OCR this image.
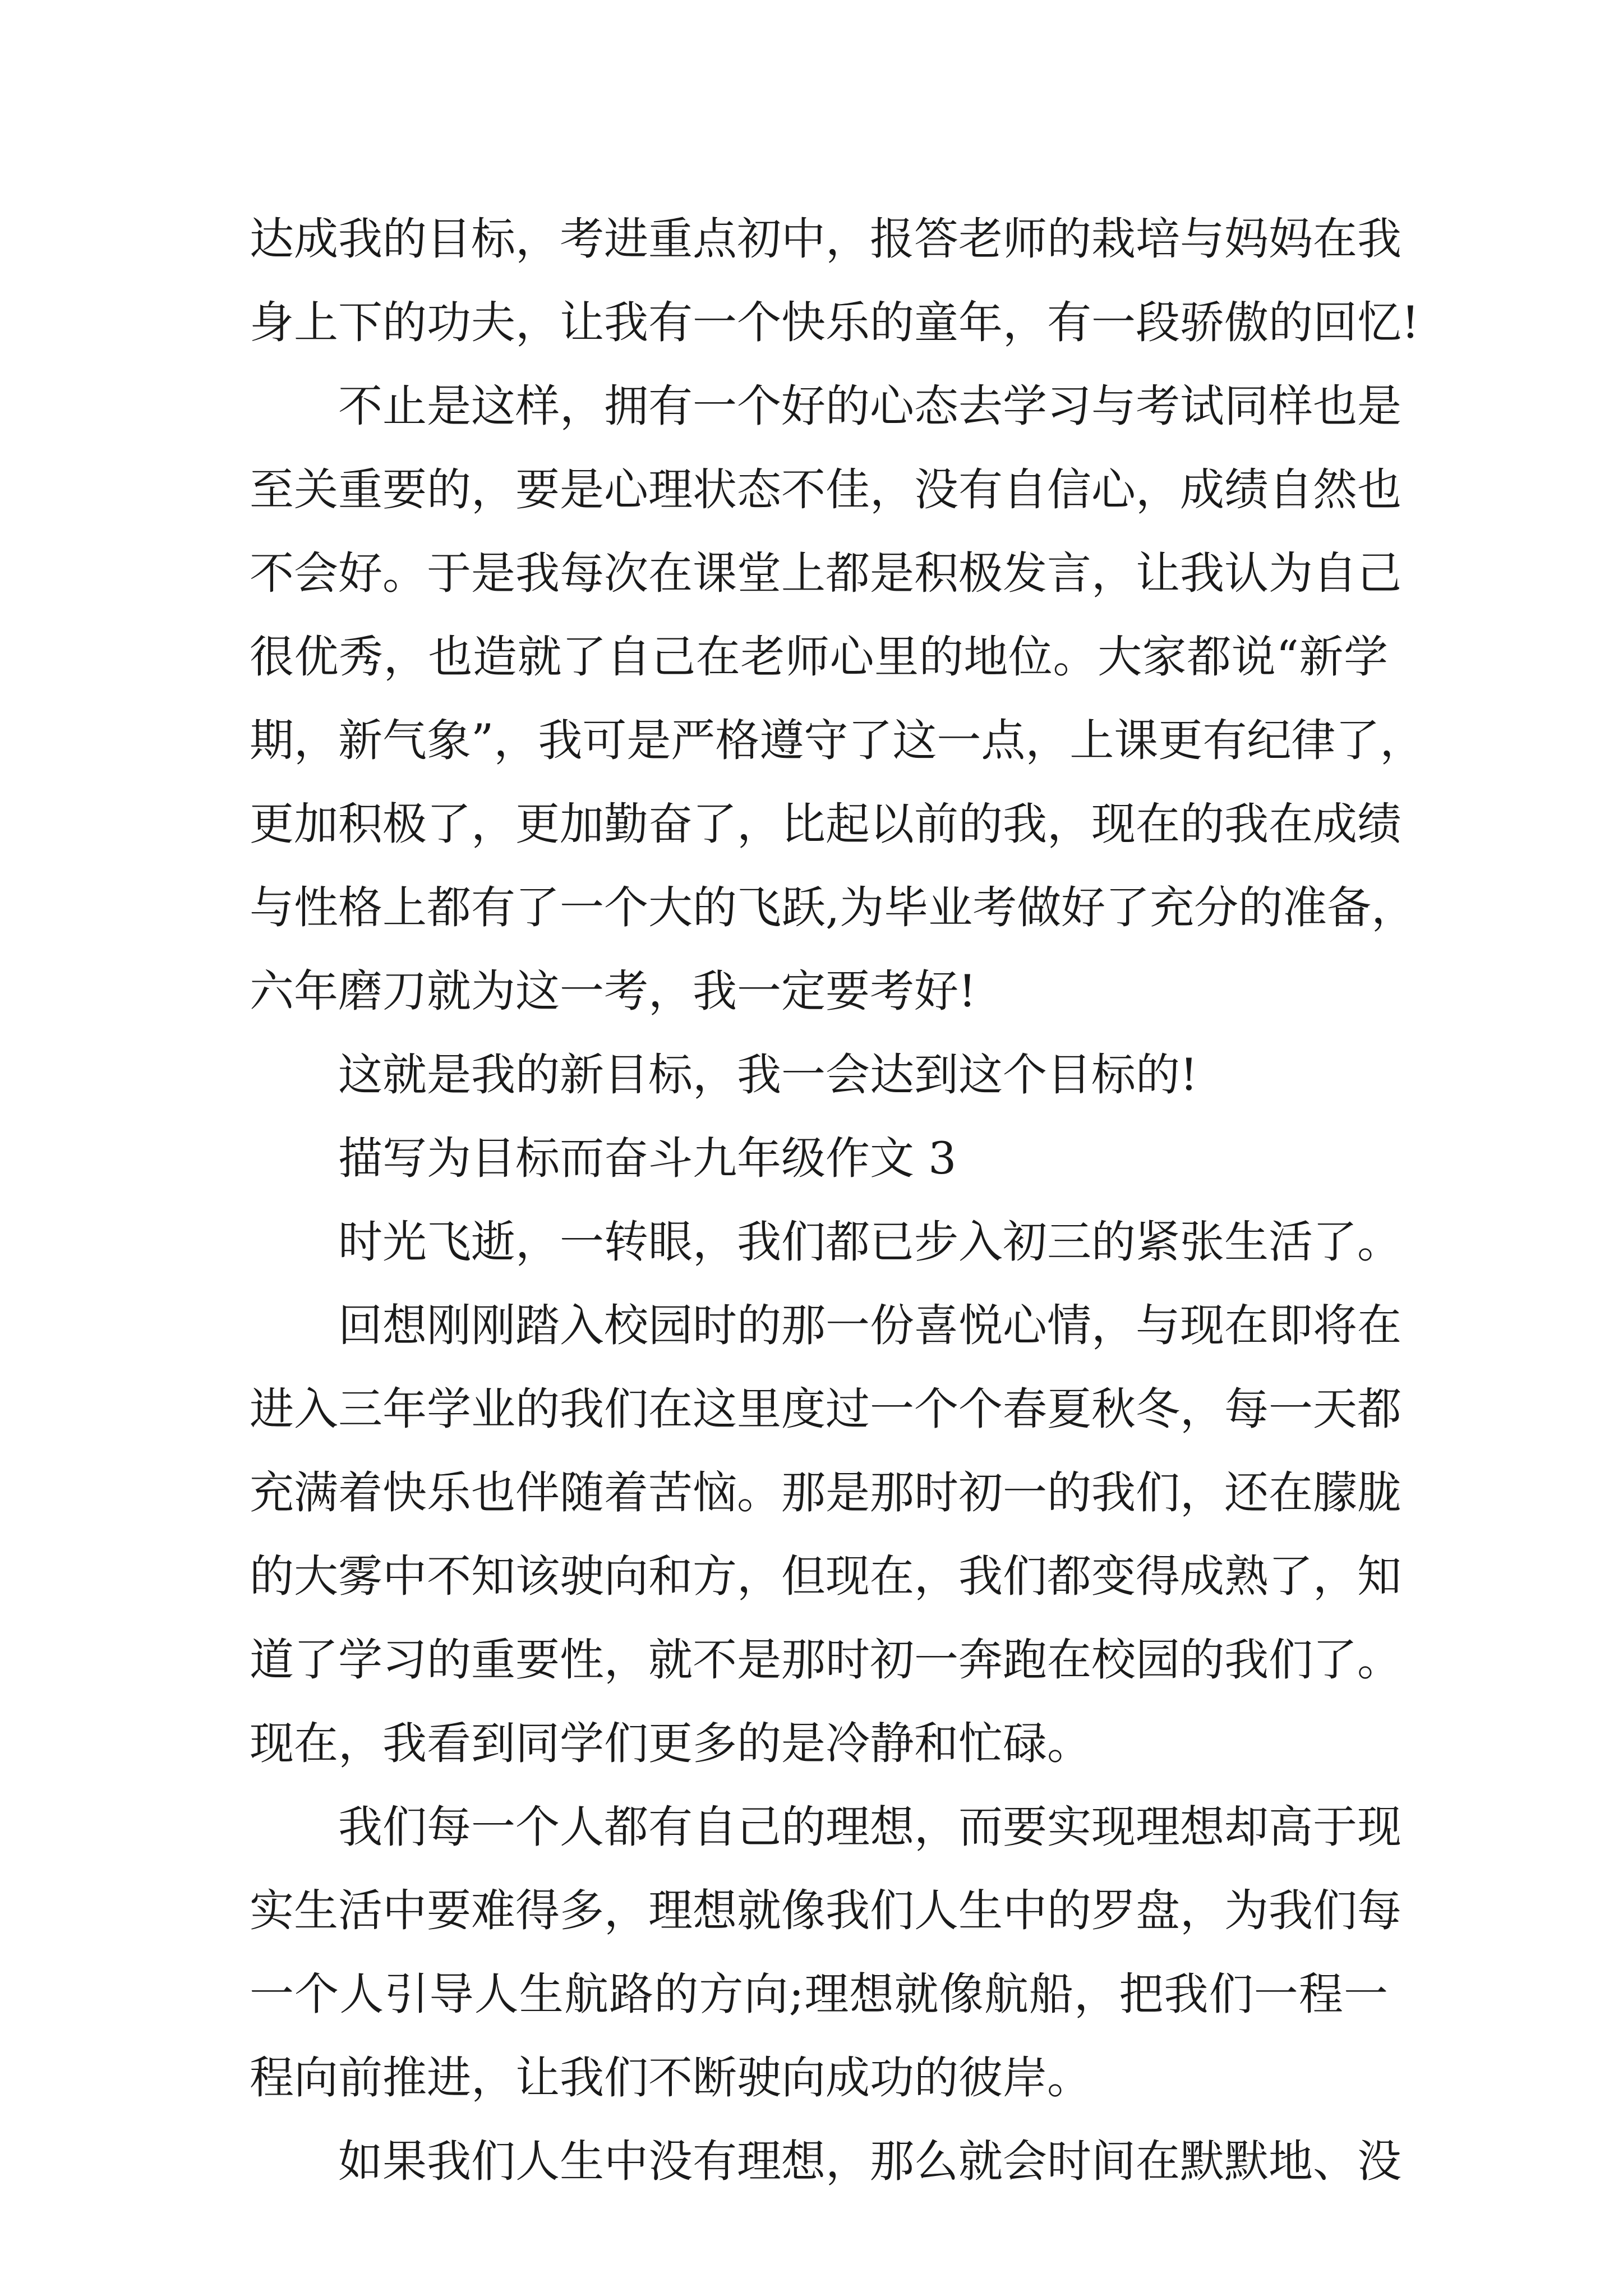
达成我的目标，考进重点初中，报答老师的栽培与妈妈在我
身上下的功夫，让我有一个快乐的童年，有一段骄傲的回忆!
不止是这样，拥有一个好的心态去学习与考试同样也是
至关重要的，要是心理状态不佳，没有自信心，成绩自然也
不会好。于是我每次在课堂上都是积极发言，让我认为自己
很优秀，也造就了自己在老师心里的地位。大家都说“新学
期，新气象”，我可是严格遵守了这一点，上课更有纪律了，
更加积极了，更加勤奋了，比起以前的我，现在的我在成绩
与性格上都有了一个大的飞跃,为毕业考做好了充分的准备，
六年磨刀就为这一考，我一定要考好!
这就是我的新目标，我一会达到这个目标的!
描写为目标而奋斗九年级作文 3
时光飞逝，一转眼，我们都已步入初三的紧张生活了。
回想刚刚踏入校园时的那一份喜悦心情，与现在即将在
进入三年学业的我们在这里度过一个个春夏秋冬，每一天都
充满着快乐也伴随着苦恼。那是那时初一的我们，还在朦胧
的大雾中不知该驶向和方，但现在，我们都变得成熟了，知
道了学习的重要性，就不是那时初一奔跑在校园的我们了。
现在，我看到同学们更多的是冷静和忙碌。
我们每一个人都有自己的理想，而要实现理想却高于现
实生活中要难得多，理想就像我们人生中的罗盘，为我们每
一个人引导人生航路的方向;理想就像航船，把我们一程一
程向前推进，让我们不断驶向成功的彼岸。
如果我们人生中没有理想，那么就会时间在默默地、没
